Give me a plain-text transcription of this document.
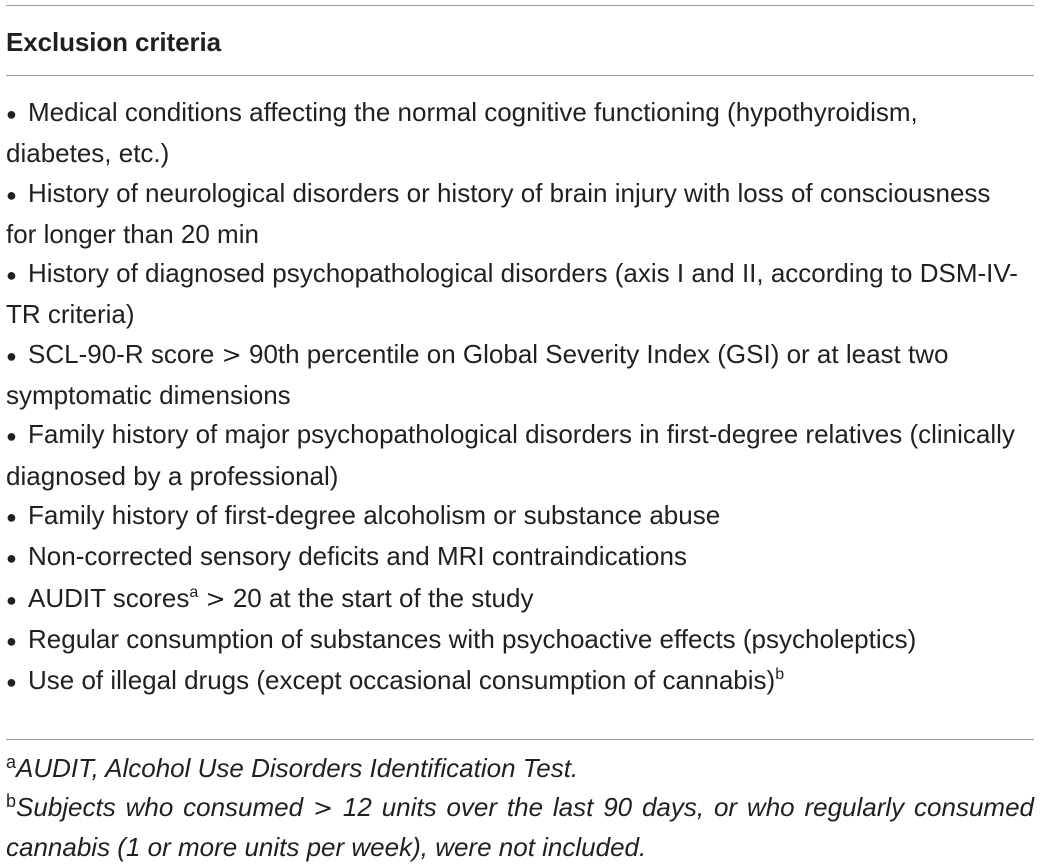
Exclusion criteria
● Medical conditions affecting the normal cognitive functioning (hypothyroidism, diabetes, etc.)
● History of neurological disorders or history of brain injury with loss of consciousness for longer than 20 min
● History of diagnosed psychopathological disorders (axis I and II, according to DSM-IV-TR criteria)
● SCL-90-R score > 90th percentile on Global Severity Index (GSI) or at least two symptomatic dimensions
● Family history of major psychopathological disorders in first-degree relatives (clinically diagnosed by a professional)
● Family history of first-degree alcoholism or substance abuse
● Non-corrected sensory deficits and MRI contraindications
● AUDIT scores$^a$ > 20 at the start of the study
● Regular consumption of substances with psychoactive effects (psycholeptics)
● Use of illegal drugs (except occasional consumption of cannabis)$^b$

$^a$AUDIT, Alcohol Use Disorders Identification Test.

$^b$Subjects who consumed > 12 units over the last 90 days, or who regularly consumed cannabis (1 or more units per week), were not included.
